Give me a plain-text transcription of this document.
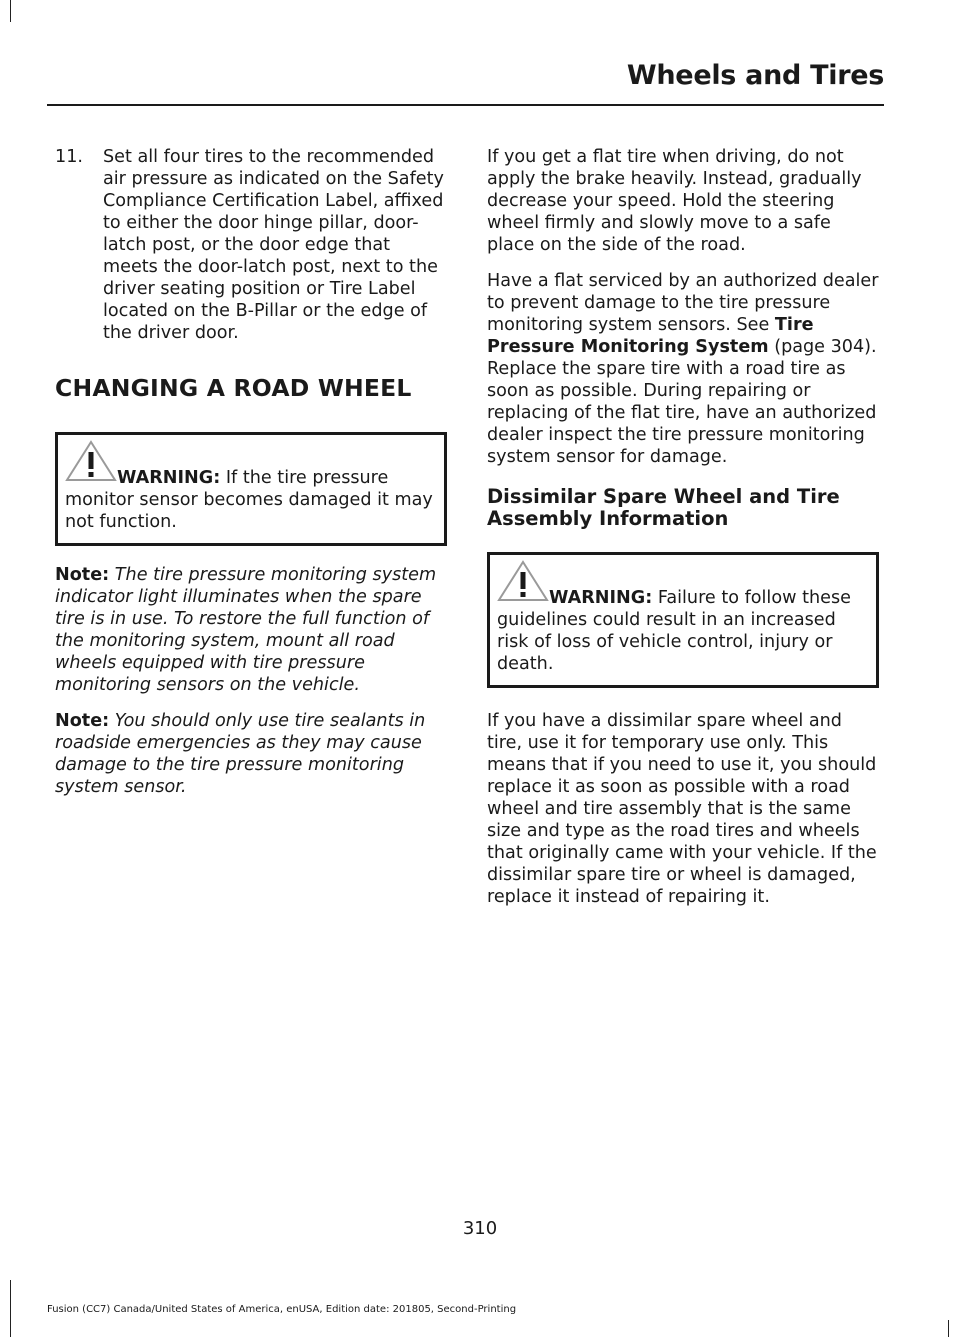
Wheels and Tires
11.	Set all four tires to the recommended air pressure as indicated on the Safety Compliance Certification Label, affixed to either the door hinge pillar, door-latch post, or the door edge that meets the door-latch post, next to the driver seating position or Tire Label located on the B-Pillar or the edge of the driver door.
CHANGING A ROAD WHEEL
WARNING: If the tire pressure monitor sensor becomes damaged it may not function.

Note: The tire pressure monitoring system indicator light illuminates when the spare tire is in use. To restore the full function of the monitoring system, mount all road wheels equipped with tire pressure monitoring sensors on the vehicle.

Note: You should only use tire sealants in roadside emergencies as they may cause damage to the tire pressure monitoring system sensor.

If you get a flat tire when driving, do not apply the brake heavily. Instead, gradually decrease your speed. Hold the steering wheel firmly and slowly move to a safe place on the side of the road.

Have a flat serviced by an authorized dealer to prevent damage to the tire pressure monitoring system sensors. See Tire Pressure Monitoring System (page 304). Replace the spare tire with a road tire as soon as possible. During repairing or replacing of the flat tire, have an authorized dealer inspect the tire pressure monitoring system sensor for damage.

Dissimilar Spare Wheel and Tire Assembly Information
WARNING: Failure to follow these guidelines could result in an increased risk of loss of vehicle control, injury or death.

If you have a dissimilar spare wheel and tire, use it for temporary use only. This means that if you need to use it, you should replace it as soon as possible with a road wheel and tire assembly that is the same size and type as the road tires and wheels that originally came with your vehicle. If the dissimilar spare tire or wheel is damaged, replace it instead of repairing it.

310
Fusion (CC7) Canada/United States of America, enUSA, Edition date: 201805, Second-Printing
